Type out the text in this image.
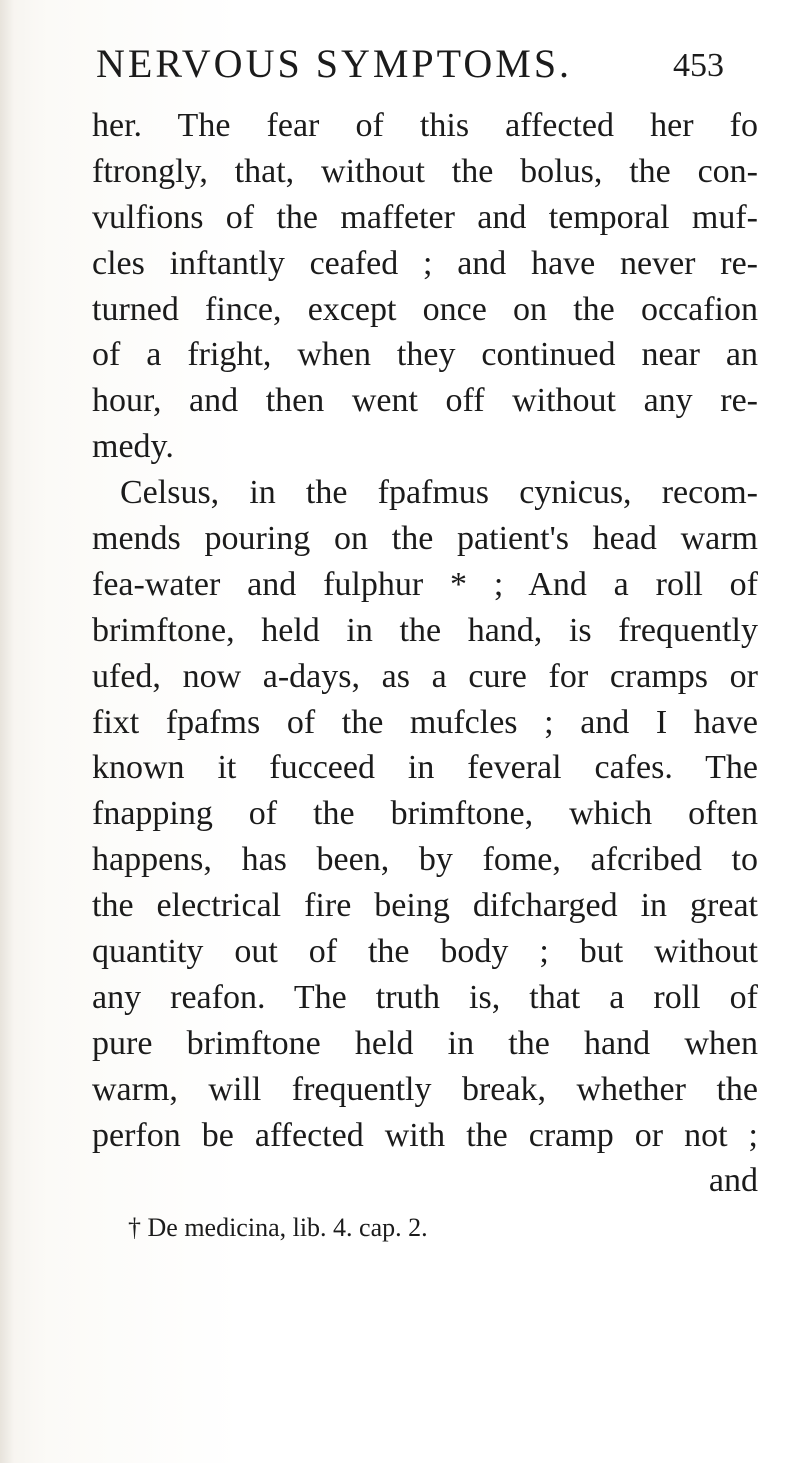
NERVOUS SYMPTOMS.	453
her. The fear of this affected her fo
ftrongly, that, without the bolus, the con-
vulfions of the maffeter and temporal muf-
cles inftantly ceafed ; and have never re-
turned fince, except once on the occafion
of a fright, when they continued near an
hour, and then went off without any re-
medy.
Celsus, in the fpafmus cynicus, recom-
mends pouring on the patient's head warm
fea-water and fulphur * ; And a roll of
brimftone, held in the hand, is frequently
ufed, now a-days, as a cure for cramps or
fixt fpafms of the mufcles ; and I have
known it fucceed in feveral cafes. The
fnapping of the brimftone, which often
happens, has been, by fome, afcribed to
the electrical fire being difcharged in great
quantity out of the body ; but without
any reafon. The truth is, that a roll of
pure brimftone held in the hand when
warm, will frequently break, whether the
perfon be affected with the cramp or not ;
and
† De medicina, lib. 4. cap. 2.
